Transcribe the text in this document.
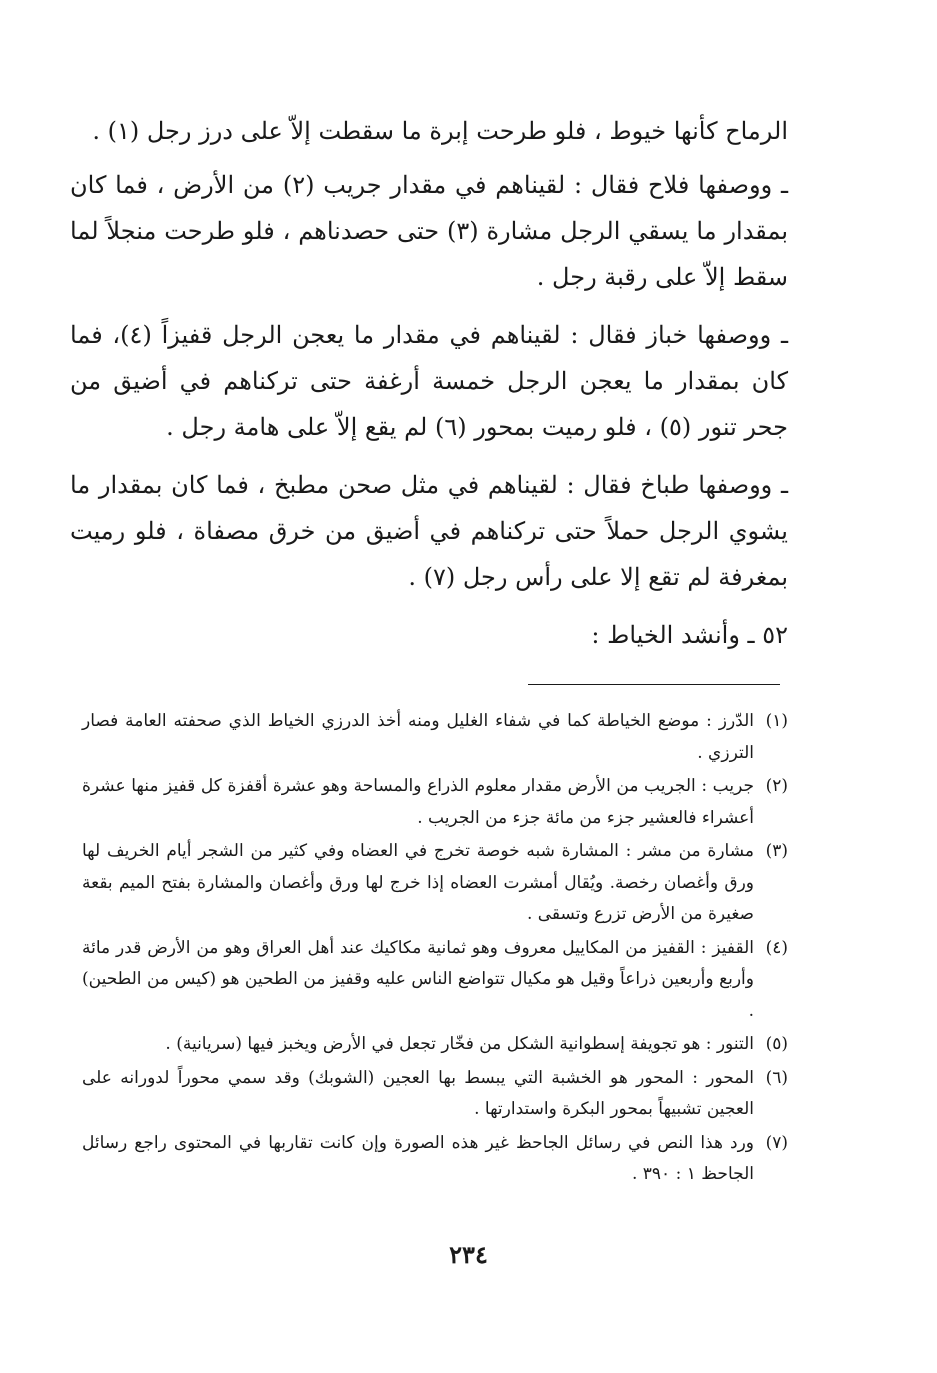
الرماح كأنها خيوط ، فلو طرحت إبرة ما سقطت إلاّ على درز رجل (١) .

ـ ووصفها فلاح فقال : لقيناهم في مقدار جريب (٢) من الأرض ، فما كان بمقدار ما يسقي الرجل مشارة (٣) حتى حصدناهم ، فلو طرحت منجلاً لما سقط إلاّ على رقبة رجل .

ـ ووصفها خباز فقال : لقيناهم في مقدار ما يعجن الرجل قفيزاً (٤)، فما كان بمقدار ما يعجن الرجل خمسة أرغفة حتى تركناهم في أضيق من جحر تنور (٥) ، فلو رميت بمحور (٦) لم يقع إلاّ على هامة رجل .

ـ ووصفها طباخ فقال : لقيناهم في مثل صحن مطبخ ، فما كان بمقدار ما يشوي الرجل حملاً حتى تركناهم في أضيق من خرق مصفاة ، فلو رميت بمغرفة لم تقع إلا على رأس رجل (٧) .

٥٢ ـ وأنشد الخياط :

(١)
الدّرز : موضع الخياطة كما في شفاء الغليل ومنه أخذ الدرزي الخياط الذي صحفته العامة فصار الترزي .
(٢)
جريب : الجريب من الأرض مقدار معلوم الذراع والمساحة وهو عشرة أقفزة كل قفيز منها عشرة أعشراء فالعشير جزء من مائة جزء من الجريب .
(٣)
مشارة من مشر : المشارة شبه خوصة تخرج في العضاه وفي كثير من الشجر أيام الخريف لها ورق وأغصان رخصة. ويُقال أمشرت العضاه إذا خرج لها ورق وأغصان والمشارة بفتح الميم بقعة صغيرة من الأرض تزرع وتسقى .
(٤)
القفيز : القفيز من المكاييل معروف وهو ثمانية مكاكيك عند أهل العراق وهو من الأرض قدر مائة وأربع وأربعين ذراعاً وقيل هو مكيال تتواضع الناس عليه وقفيز من الطحين هو (كيس من الطحين) .
(٥)
التنور : هو تجويفة إسطوانية الشكل من فخّار تجعل في الأرض ويخبز فيها (سريانية) .
(٦)
المحور : المحور هو الخشبة التي يبسط بها العجين (الشوبك) وقد سمي محوراً لدورانه على العجين تشبيهاً بمحور البكرة واستدارتها .
(٧)
ورد هذا النص في رسائل الجاحظ غير هذه الصورة وإن كانت تقاربها في المحتوى راجع رسائل الجاحظ ١ : ٣٩٠ .
٢٣٤
